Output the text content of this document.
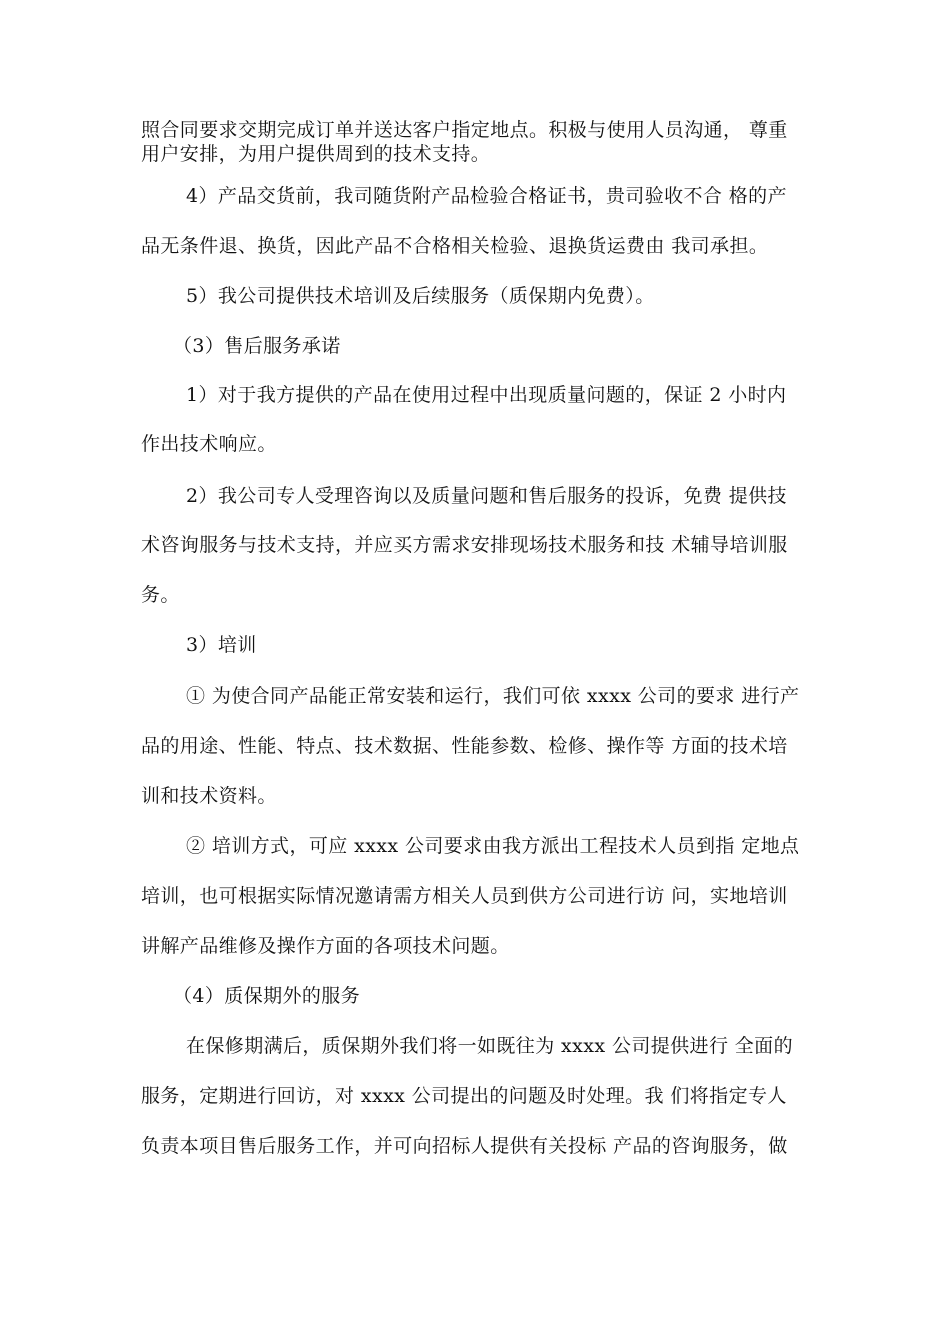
照合同要求交期完成订单并送达客户指定地点。积极与使用人员沟通， 尊重
用户安排，为用户提供周到的技术支持。
4）产品交货前，我司随货附产品检验合格证书，贵司验收不合 格的产
品无条件退、换货，因此产品不合格相关检验、退换货运费由 我司承担。
5）我公司提供技术培训及后续服务（质保期内免费）。
（3）售后服务承诺
1）对于我方提供的产品在使用过程中出现质量问题的，保证 2 小时内
作出技术响应。
2）我公司专人受理咨询以及质量问题和售后服务的投诉，免费 提供技
术咨询服务与技术支持，并应买方需求安排现场技术服务和技 术辅导培训服
务。
3）培训
① 为使合同产品能正常安装和运行，我们可依 xxxx 公司的要求 进行产
品的用途、性能、特点、技术数据、性能参数、检修、操作等 方面的技术培
训和技术资料。
② 培训方式，可应 xxxx 公司要求由我方派出工程技术人员到指 定地点
培训，也可根据实际情况邀请需方相关人员到供方公司进行访 问，实地培训
讲解产品维修及操作方面的各项技术问题。
（4）质保期外的服务
在保修期满后，质保期外我们将一如既往为 xxxx 公司提供进行 全面的
服务，定期进行回访，对 xxxx 公司提出的问题及时处理。我 们将指定专人
负责本项目售后服务工作，并可向招标人提供有关投标 产品的咨询服务，做
